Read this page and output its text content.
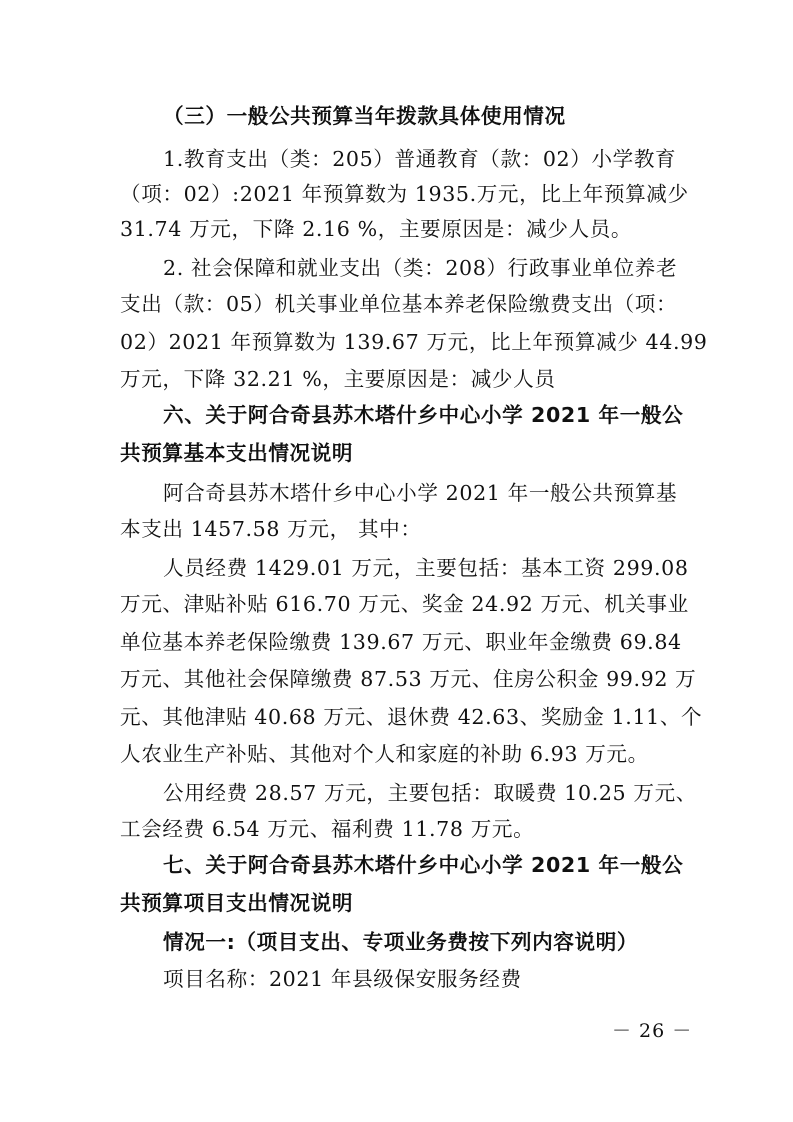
（三）一般公共预算当年拨款具体使用情况
1.教育支出（类：205）普通教育（款：02）小学教育
（项：02）:2021 年预算数为 1935.万元，比上年预算减少
31.74 万元，下降 2.16 %，主要原因是：减少人员。
2. 社会保障和就业支出（类：208）行政事业单位养老
支出（款：05）机关事业单位基本养老保险缴费支出（项：
02）2021 年预算数为 139.67 万元，比上年预算减少 44.99
万元，下降 32.21 %，主要原因是：减少人员
六、关于阿合奇县苏木塔什乡中心小学 2021 年一般公
共预算基本支出情况说明
阿合奇县苏木塔什乡中心小学 2021 年一般公共预算基
本支出 1457.58 万元， 其中：
人员经费 1429.01 万元，主要包括：基本工资 299.08
万元、津贴补贴 616.70 万元、奖金 24.92 万元、机关事业
单位基本养老保险缴费 139.67 万元、职业年金缴费 69.84
万元、其他社会保障缴费 87.53 万元、住房公积金 99.92 万
元、其他津贴 40.68 万元、退休费 42.63、奖励金 1.11、个
人农业生产补贴、其他对个人和家庭的补助 6.93 万元。
公用经费 28.57 万元，主要包括：取暖费 10.25 万元、
工会经费 6.54 万元、福利费 11.78 万元。
七、关于阿合奇县苏木塔什乡中心小学 2021 年一般公
共预算项目支出情况说明
情况一:（项目支出、专项业务费按下列内容说明）
项目名称：2021 年县级保安服务经费
－ 26 －
